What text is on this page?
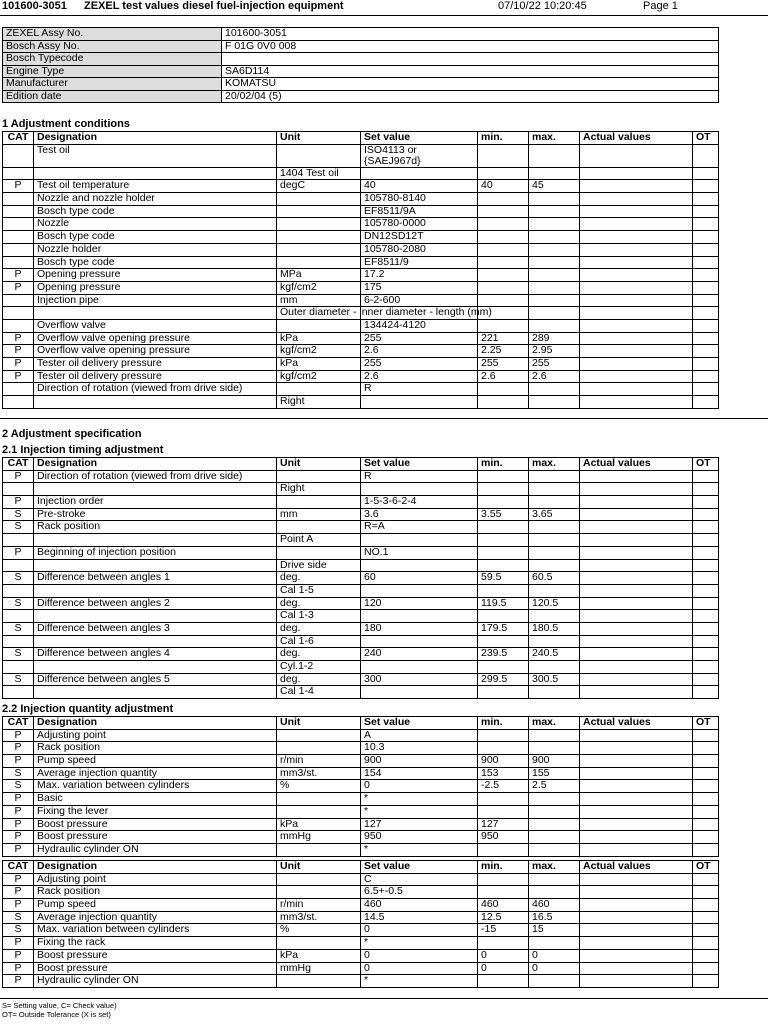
101600-3051 ZEXEL test values diesel fuel-injection equipment	07/10/22 10:20:45	Page 1
ZEXEL Assy No.	101600-3051
Bosch Assy No.	F 01G 0V0 008
Bosch Typecode	
Engine Type	SA6D114
Manufacturer	KOMATSU
Edition date	20/02/04 (5)
1 Adjustment conditions
CAT	Designation	Unit	Set value	min.	max.	Actual values	OT
	Test oil		ISO4113 or {SAEJ967d}				
		1404 Test oil					
P	Test oil temperature	degC	40	40	45		
	Nozzle and nozzle holder		105780-8140				
	Bosch type code		EF8511/9A				
	Nozzle		105780-0000				
	Bosch type code		DN12SD12T				
	Nozzle holder		105780-2080				
	Bosch type code		EF8511/9				
P	Opening pressure	MPa	17.2				
P	Opening pressure	kgf/cm2	175				
	Injection pipe	mm	6-2-600				
		Outer diameter - inner diameter - length (mm)					
	Overflow valve		134424-4120				
P	Overflow valve opening pressure	kPa	255	221	289		
P	Overflow valve opening pressure	kgf/cm2	2.6	2.25	2.95		
P	Tester oil delivery pressure	kPa	255	255	255		
P	Tester oil delivery pressure	kgf/cm2	2.6	2.6	2.6		
	Direction of rotation (viewed from drive side)		R				
		Right					
2 Adjustment specification
2.1 Injection timing adjustment
CAT	Designation	Unit	Set value	min.	max.	Actual values	OT
P	Direction of rotation (viewed from drive side)		R				
		Right					
P	Injection order		1-5-3-6-2-4				
S	Pre-stroke	mm	3.6	3.55	3.65		
S	Rack position		R=A				
		Point A					
P	Beginning of injection position		NO.1				
		Drive side					
S	Difference between angles 1	deg.	60	59.5	60.5		
		Cal 1-5					
S	Difference between angles 2	deg.	120	119.5	120.5		
		Cal 1-3					
S	Difference between angles 3	deg.	180	179.5	180.5		
		Cal 1-6					
S	Difference between angles 4	deg.	240	239.5	240.5		
		Cyl.1-2					
S	Difference between angles 5	deg.	300	299.5	300.5		
		Cal 1-4					
2.2 Injection quantity adjustment
CAT	Designation	Unit	Set value	min.	max.	Actual values	OT
P	Adjusting point		A				
P	Rack position		10.3				
P	Pump speed	r/min	900	900	900		
S	Average injection quantity	mm3/st.	154	153	155		
S	Max. variation between cylinders	%	0	-2.5	2.5		
P	Basic		*				
P	Fixing the lever		*				
P	Boost pressure	kPa	127	127			
P	Boost pressure	mmHg	950	950			
P	Hydraulic cylinder ON		*				
CAT	Designation	Unit	Set value	min.	max.	Actual values	OT
P	Adjusting point		C				
P	Rack position		6.5+-0.5				
P	Pump speed	r/min	460	460	460		
S	Average injection quantity	mm3/st.	14.5	12.5	16.5		
S	Max. variation between cylinders	%	0	-15	15		
P	Fixing the rack		*				
P	Boost pressure	kPa	0	0	0		
P	Boost pressure	mmHg	0	0	0		
P	Hydraulic cylinder ON		*				
S= Setting value, C= Check value)
OT= Outside Tolerance (X is set)
